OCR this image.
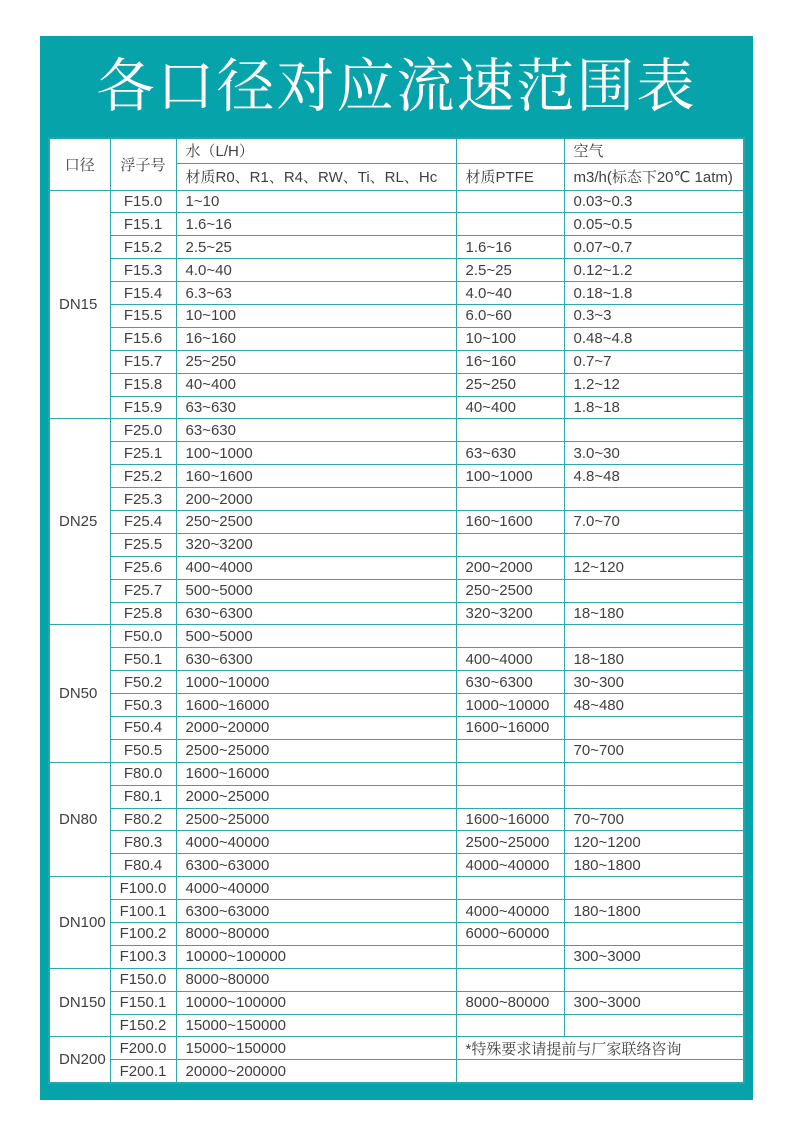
各口径对应流速范围表
口径	浮子号	水（L/H）		空气
		材质R0、R1、R4、RW、Ti、RL、Hc	材质PTFE	m3/h(标态下20℃ 1atm)
DN15	F15.0	1~10		0.03~0.3
	F15.1	1.6~16		0.05~0.5
	F15.2	2.5~25	1.6~16	0.07~0.7
	F15.3	4.0~40	2.5~25	0.12~1.2
	F15.4	6.3~63	4.0~40	0.18~1.8
	F15.5	10~100	6.0~60	0.3~3
	F15.6	16~160	10~100	0.48~4.8
	F15.7	25~250	16~160	0.7~7
	F15.8	40~400	25~250	1.2~12
	F15.9	63~630	40~400	1.8~18
DN25	F25.0	63~630		
	F25.1	100~1000	63~630	3.0~30
	F25.2	160~1600	100~1000	4.8~48
	F25.3	200~2000		
	F25.4	250~2500	160~1600	7.0~70
	F25.5	320~3200		
	F25.6	400~4000	200~2000	12~120
	F25.7	500~5000	250~2500	
	F25.8	630~6300	320~3200	18~180
DN50	F50.0	500~5000		
	F50.1	630~6300	400~4000	18~180
	F50.2	1000~10000	630~6300	30~300
	F50.3	1600~16000	1000~10000	48~480
	F50.4	2000~20000	1600~16000	
	F50.5	2500~25000		70~700
DN80	F80.0	1600~16000		
	F80.1	2000~25000		
	F80.2	2500~25000	1600~16000	70~700
	F80.3	4000~40000	2500~25000	120~1200
	F80.4	6300~63000	4000~40000	180~1800
DN100	F100.0	4000~40000		
	F100.1	6300~63000	4000~40000	180~1800
	F100.2	8000~80000	6000~60000	
	F100.3	10000~100000		300~3000
DN150	F150.0	8000~80000		
	F150.1	10000~100000	8000~80000	300~3000
	F150.2	15000~150000		
DN200	F200.0	15000~150000	*特殊要求请提前与厂家联络咨询	
	F200.1	20000~200000		
